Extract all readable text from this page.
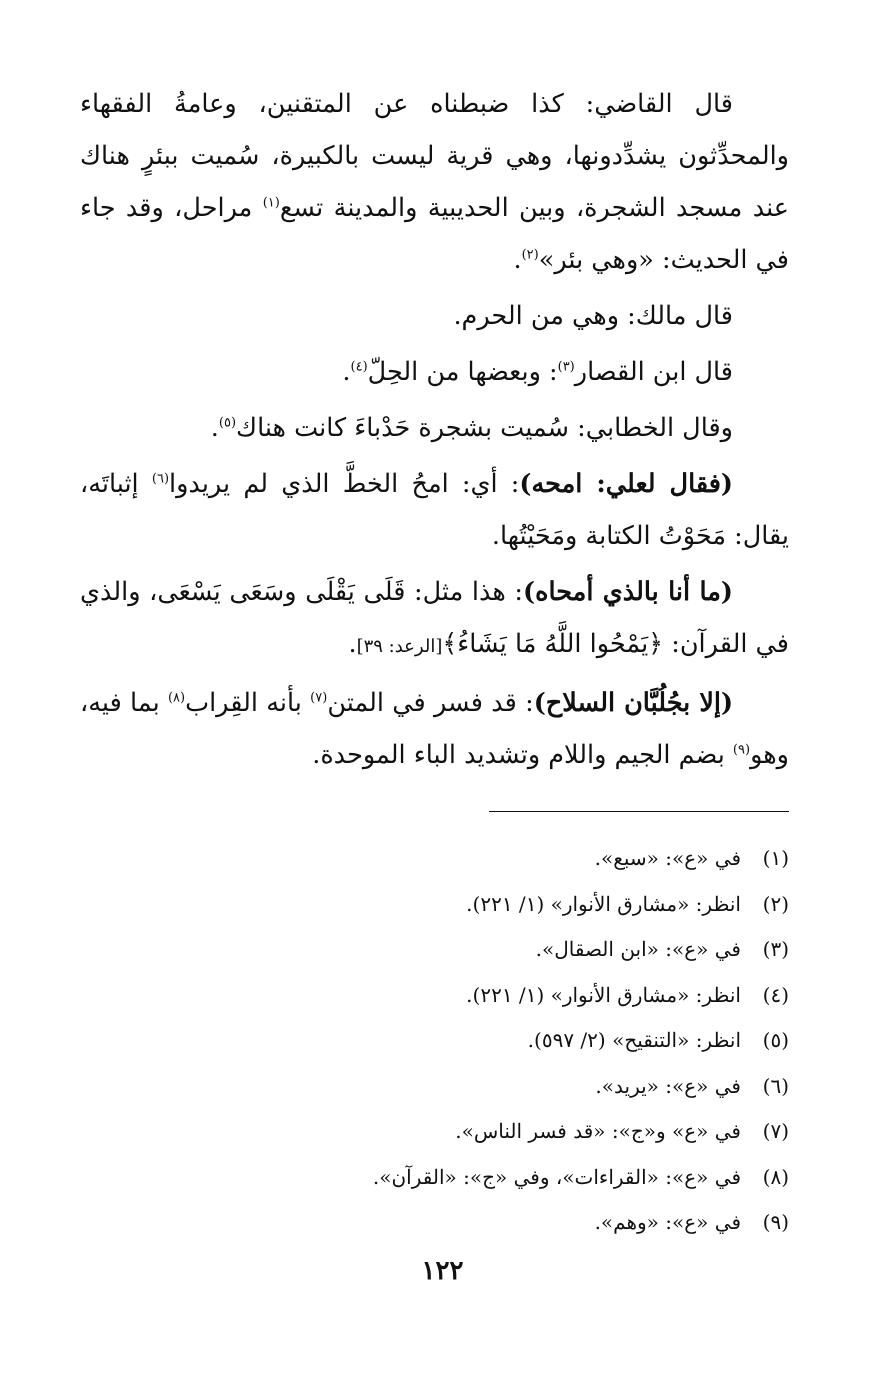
قال القاضي: كذا ضبطناه عن المتقنين، وعامةُ الفقهاء والمحدِّثون يشدِّدونها، وهي قرية ليست بالكبيرة، سُميت ببئرٍ هناك عند مسجد الشجرة، وبين الحديبية والمدينة تسع$^{(١)}$ مراحل، وقد جاء في الحديث: «وهي بئر»$^{(٢)}$.

قال مالك: وهي من الحرم.

قال ابن القصار$^{(٣)}$: وبعضها من الحِلّ$^{(٤)}$.

وقال الخطابي: سُميت بشجرة حَدْباءَ كانت هناك$^{(٥)}$.

(فقال لعلي: امحه): أي: امحُ الخطَّ الذي لم يريدوا$^{(٦)}$ إثباتَه، يقال: مَحَوْتُ الكتابة ومَحَيْتُها.

(ما أنا بالذي أمحاه): هذا مثل: قَلَى يَقْلَى وسَعَى يَسْعَى، والذي في القرآن: ﴿يَمْحُوا اللَّهُ مَا يَشَاءُ﴾[الرعد: ٣٩].

(إلا بجُلُبَّان السلاح): قد فسر في المتن$^{(٧)}$ بأنه القِراب$^{(٨)}$ بما فيه، وهو$^{(٩)}$ بضم الجيم واللام وتشديد الباء الموحدة.

(١)في «ع»: «سبع».
(٢)انظر: «مشارق الأنوار» (١/ ٢٢١).
(٣)في «ع»: «ابن الصقال».
(٤)انظر: «مشارق الأنوار» (١/ ٢٢١).
(٥)انظر: «التنقيح» (٢/ ٥٩٧).
(٦)في «ع»: «يريد».
(٧)في «ع» و«ج»: «قد فسر الناس».
(٨)في «ع»: «القراءات»، وفي «ج»: «القرآن».
(٩)في «ع»: «وهم».
١٢٢
